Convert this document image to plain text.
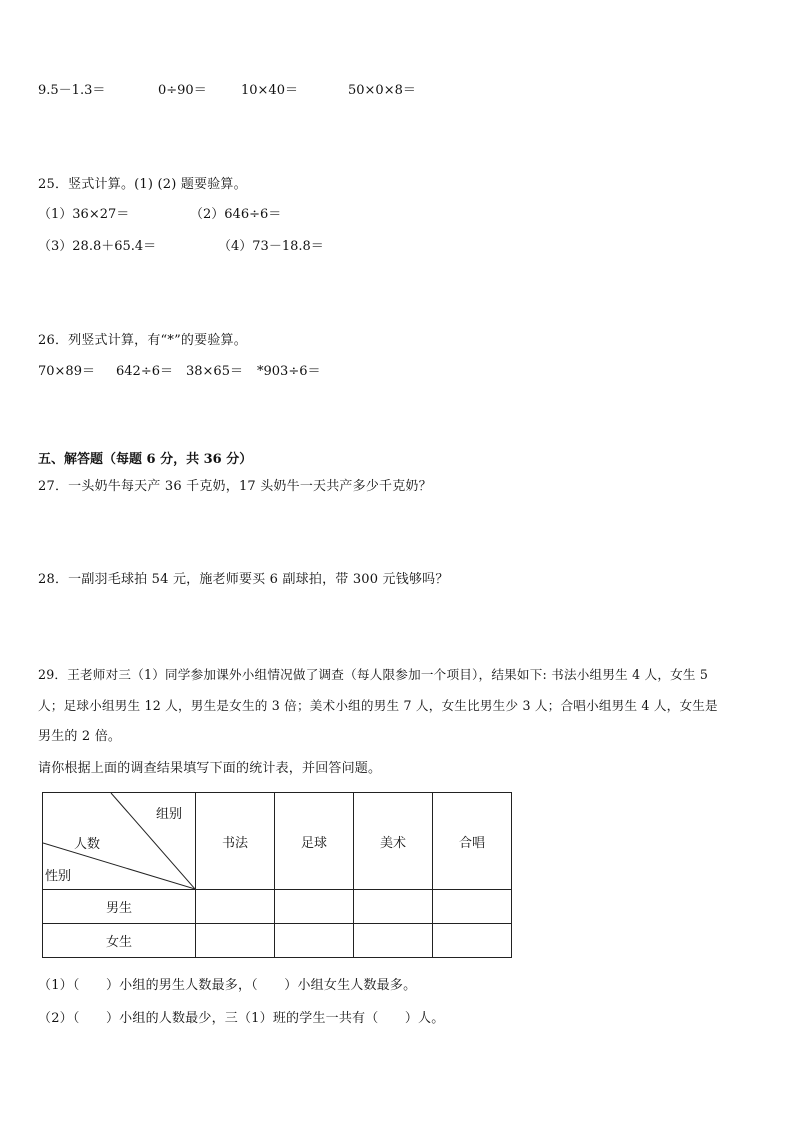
9.5－1.3＝	0÷90＝	10×40＝	50×0×8＝
25．竖式计算。(1) (2) 题要验算。
（1）36×27＝	（2）646÷6＝
（3）28.8＋65.4＝	（4）73－18.8＝
26．列竖式计算，有“*”的要验算。
70×89＝ 642÷6＝ 38×65＝ *903÷6＝
五、解答题（每题 6 分，共 36 分）
27．一头奶牛每天产 36 千克奶，17 头奶牛一天共产多少千克奶？
28．一副羽毛球拍 54 元，施老师要买 6 副球拍，带 300 元钱够吗？
29．王老师对三（1）同学参加课外小组情况做了调查（每人限参加一个项目），结果如下: 书法小组男生 4 人，女生 5
人；足球小组男生 12 人，男生是女生的 3 倍；美术小组的男生 7 人，女生比男生少 3 人；合唱小组男生 4 人，女生是
男生的 2 倍。
请你根据上面的调查结果填写下面的统计表，并回答问题。
组别
人数
性别	书法	足球	美术	合唱
男生				
女生				
（1）（　　）小组的男生人数最多，（　　）小组女生人数最多。
（2）（　　）小组的人数最少，三（1）班的学生一共有（　　）人。
